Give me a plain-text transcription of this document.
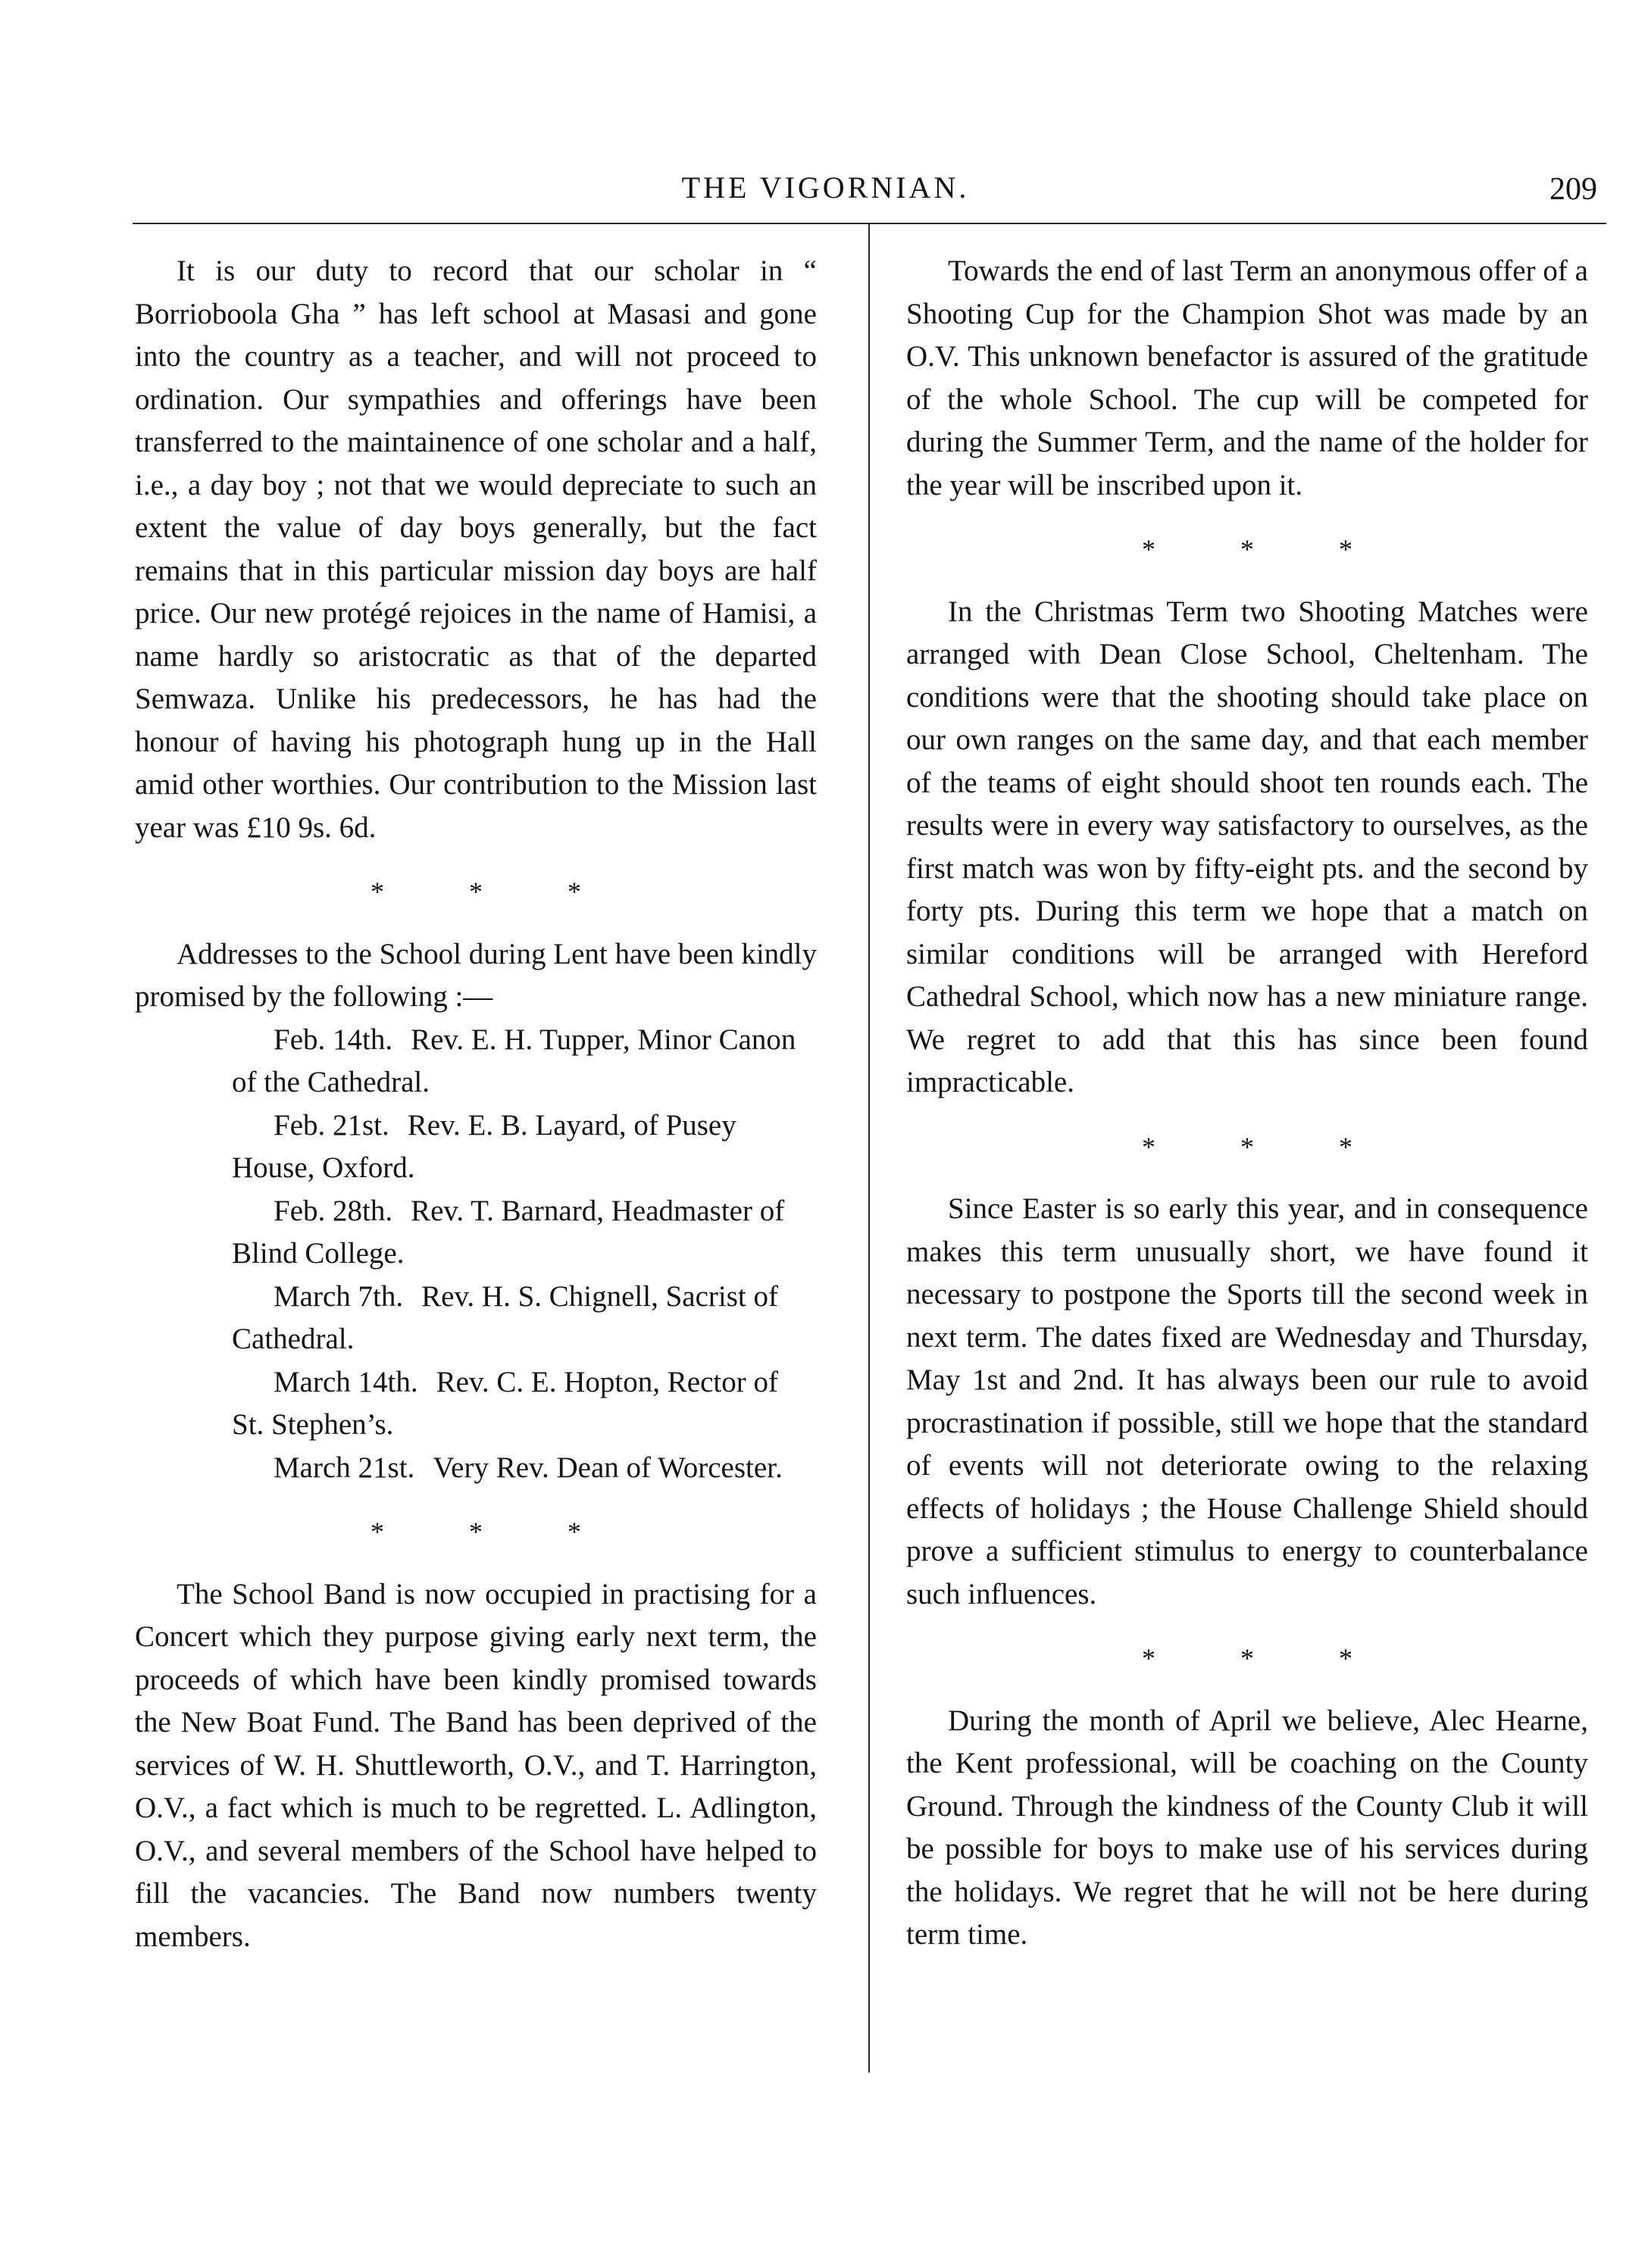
THE VIGORNIAN.	209

It is our duty to record that our scholar in “ Borrioboola Gha ” has left school at Masasi and gone into the country as a teacher, and will not proceed to ordination. Our sympathies and offerings have been transferred to the maintainence of one scholar and a half, i.e., a day boy ; not that we would depreciate to such an extent the value of day boys generally, but the fact remains that in this particular mission day boys are half price. Our new protégé rejoices in the name of Hamisi, a name hardly so aristocratic as that of the departed Semwaza. Unlike his predecessors, he has had the honour of having his photograph hung up in the Hall amid other worthies. Our contribution to the Mission last year was £10 9s. 6d.

*	*	*

Addresses to the School during Lent have been kindly promised by the following :—

Feb. 14th. Rev. E. H. Tupper, Minor Canon of the Cathedral.

Feb. 21st. Rev. E. B. Layard, of Pusey House, Oxford.

Feb. 28th. Rev. T. Barnard, Headmaster of Blind College.

March 7th. Rev. H. S. Chignell, Sacrist of Cathedral.

March 14th. Rev. C. E. Hopton, Rector of St. Stephen’s.

March 21st. Very Rev. Dean of Worcester.

*	*	*

The School Band is now occupied in practising for a Concert which they purpose giving early next term, the proceeds of which have been kindly promised towards the New Boat Fund. The Band has been deprived of the services of W. H. Shuttleworth, O.V., and T. Harrington, O.V., a fact which is much to be regretted. L. Adlington, O.V., and several members of the School have helped to fill the vacancies. The Band now numbers twenty members.

Towards the end of last Term an anonymous offer of a Shooting Cup for the Champion Shot was made by an O.V. This unknown benefactor is assured of the gratitude of the whole School. The cup will be competed for during the Summer Term, and the name of the holder for the year will be inscribed upon it.

*	*	*

In the Christmas Term two Shooting Matches were arranged with Dean Close School, Cheltenham. The conditions were that the shooting should take place on our own ranges on the same day, and that each member of the teams of eight should shoot ten rounds each. The results were in every way satisfactory to ourselves, as the first match was won by fifty-eight pts. and the second by forty pts. During this term we hope that a match on similar conditions will be arranged with Hereford Cathedral School, which now has a new miniature range. We regret to add that this has since been found impracticable.

*	*	*

Since Easter is so early this year, and in consequence makes this term unusually short, we have found it necessary to postpone the Sports till the second week in next term. The dates fixed are Wednesday and Thursday, May 1st and 2nd. It has always been our rule to avoid procrastination if possible, still we hope that the standard of events will not deteriorate owing to the relaxing effects of holidays ; the House Challenge Shield should prove a sufficient stimulus to energy to counterbalance such influences.

*	*	*

During the month of April we believe, Alec Hearne, the Kent professional, will be coaching on the County Ground. Through the kindness of the County Club it will be possible for boys to make use of his services during the holidays. We regret that he will not be here during term time.
